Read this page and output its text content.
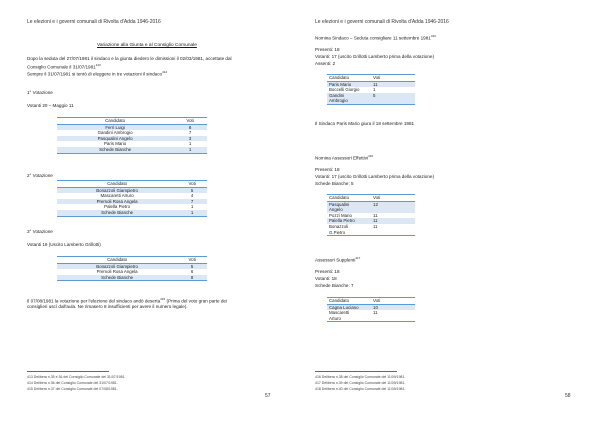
Le elezioni e i governi comunali di Rivolta d'Adda 1946-2016
Variazione alla Giunta e al Consiglio Comunale
Dopo la seduta del 27/07/1981 il sindaco e la giunta diedero le dimissioni il 02/03/1981, accettate dal
Consiglio Comunale il 31/07/1981$^{413}$
Sempre il 31/07/1981 si tentò di eleggere in tre votazioni il sindaco$^{414}$
1° Votazione
Votanti 20 – Maggio 11
Candidato	Voti
Ferri Luigi	8
Gandini Ambrogio	7
Pasqualini Angelo	3
Paris Mario	1
Schede Bianche	1
2° Votazione
Candidato	Voti
Bonazzoli Giampietro	5
Mascaretti Arturo	4
Premoli Rosa Angela	7
Palella Pietro	1
Schede Bianche	1
3° Votazione
Votanti 19 (Uscito Lamberto Grillotti)
Candidato	Voti
Bonazzoli Giampietro	5
Premoli Rosa Angela	6
Schede Bianche	8
Il 07/08/1981 la votazione per l'elezione del sindaco andò deserta$^{415}$ (Prima del voto gran parte dei
consiglieri uscì dall'aula. Ne rimasero 8 insufficienti per avere il numero legale).
413 Delibera n.35 e 36 del Consiglio Comunale del 31/07/1981.
414 Delibera n.36 del Consiglio Comunale del 31/07/1981.
415 Delibera n.37 del Consiglio Comunale del 07/08/1981.
57
Le elezioni e i governi comunali di Rivolta d'Adda 1946-2016
Nomina Sindaco – Seduta consigliare 11 settembre 1981$^{416}$
Presenti: 18
Votanti: 17 (uscito Grillotti Lamberto prima della votazione)
Assenti: 2
Candidato	Voti
Paris Mario	11
Boccelli Giorgio	1
Gandini	5
Ambrogio	
Il Sindaco Paris Mario giura il 18 settembre 1981
Nomina Assessori Effettivi$^{416}$
Presenti: 18
Votanti: 17 (uscito Grillotti Lamberto prima della votazione)
Schede Bianche: 5
Candidato	Voti
Pasqualini	12
Angelo	
Pozzi Mario	11
Palella Pietro	11
Bonazzoli	11
G.Pietro	
Assessori Supplenti$^{417}$
Presenti: 18
Votanti: 18
Schede Bianche: 7
Candidato	Voti
Cagna Luciano	10
Mascaretti	11
Arturo	
416 Delibera n.38 del Consiglio Comunale del 11/09/1981.
417 Delibera n.39 del Consiglio Comunale del 11/09/1981.
418 Delibera n.40 del Consiglio Comunale del 11/09/1981.
58
